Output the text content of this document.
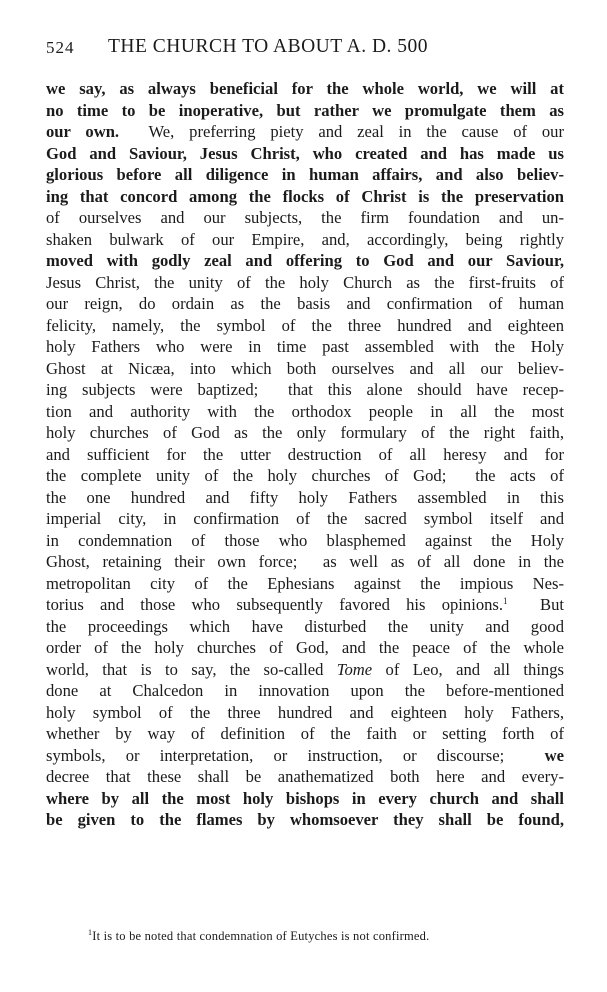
524 THE CHURCH TO ABOUT A. D. 500
we say, as always beneficial for the whole world, we will at
no time to be inoperative, but rather we promulgate them as
our own. We, preferring piety and zeal in the cause of our
God and Saviour, Jesus Christ, who created and has made us
glorious before all diligence in human affairs, and also believ-
ing that concord among the flocks of Christ is the preservation
of ourselves and our subjects, the firm foundation and un-
shaken bulwark of our Empire, and, accordingly, being rightly
moved with godly zeal and offering to God and our Saviour,
Jesus Christ, the unity of the holy Church as the first-fruits of
our reign, do ordain as the basis and confirmation of human
felicity, namely, the symbol of the three hundred and eighteen
holy Fathers who were in time past assembled with the Holy
Ghost at Nicæa, into which both ourselves and all our believ-
ing subjects were baptized; that this alone should have recep-
tion and authority with the orthodox people in all the most
holy churches of God as the only formulary of the right faith,
and sufficient for the utter destruction of all heresy and for
the complete unity of the holy churches of God; the acts of
the one hundred and fifty holy Fathers assembled in this
imperial city, in confirmation of the sacred symbol itself and
in condemnation of those who blasphemed against the Holy
Ghost, retaining their own force; as well as of all done in the
metropolitan city of the Ephesians against the impious Nes-
torius and those who subsequently favored his opinions.$^1$ But
the proceedings which have disturbed the unity and good
order of the holy churches of God, and the peace of the whole
world, that is to say, the so-called Tome of Leo, and all things
done at Chalcedon in innovation upon the before-mentioned
holy symbol of the three hundred and eighteen holy Fathers,
whether by way of definition of the faith or setting forth of
symbols, or interpretation, or instruction, or discourse; we
decree that these shall be anathematized both here and every-
where by all the most holy bishops in every church and shall
be given to the flames by whomsoever they shall be found,
$^1$It is to be noted that condemnation of Eutyches is not confirmed.
